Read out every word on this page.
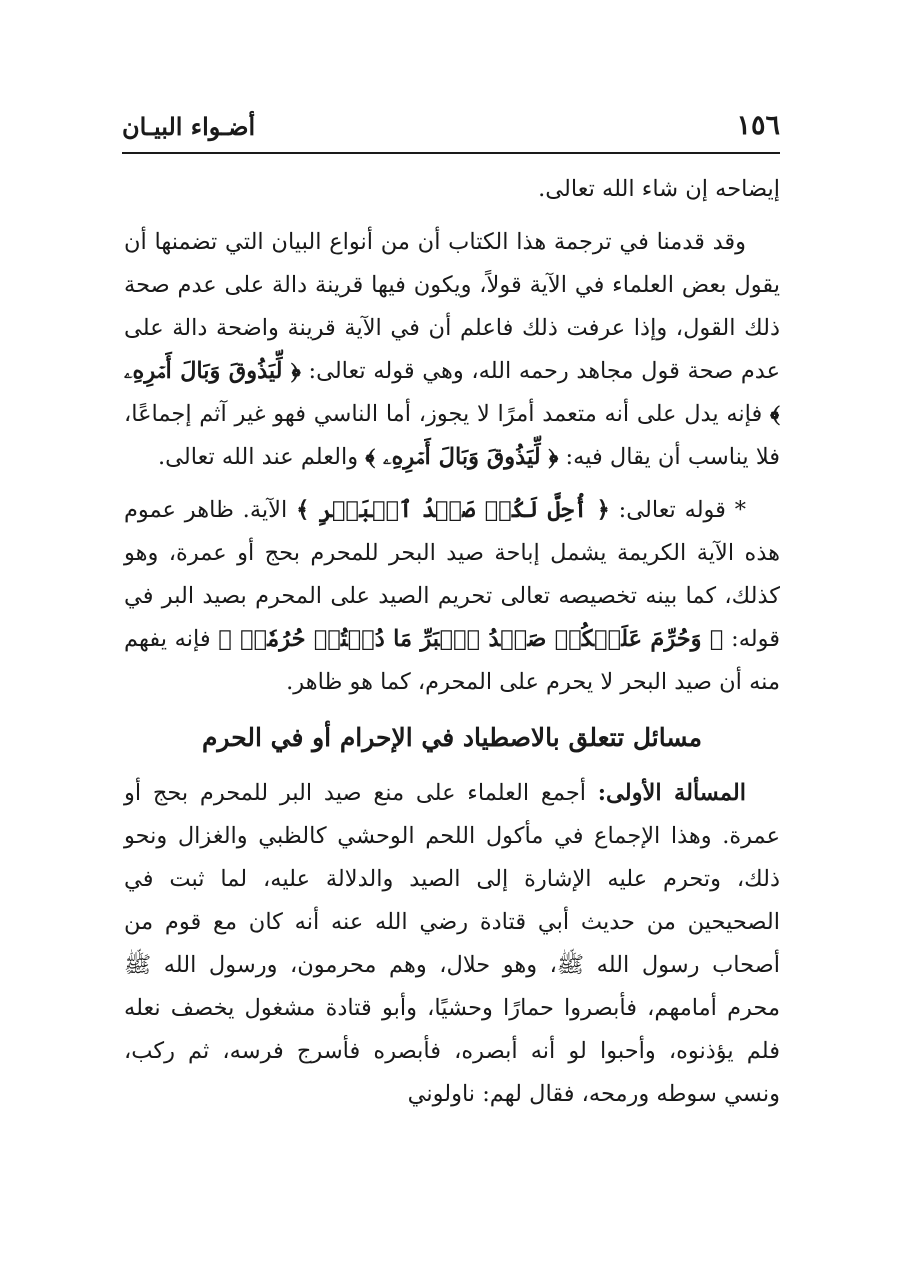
١٥٦
أضـواء البيـان

إيضاحه إن شاء الله تعالى.

وقد قدمنا في ترجمة هذا الكتاب أن من أنواع البيان التي تضمنها أن يقول بعض العلماء في الآية قولاً، ويكون فيها قرينة دالة على عدم صحة ذلك القول، وإذا عرفت ذلك فاعلم أن في الآية قرينة واضحة دالة على عدم صحة قول مجاهد رحمه الله، وهي قوله تعالى: ﴿ لِّيَذُوقَ وَبَالَ أَمۡرِهِۦ ﴾ فإنه يدل على أنه متعمد أمرًا لا يجوز، أما الناسي فهو غير آثم إجماعًا، فلا يناسب أن يقال فيه: ﴿ لِّيَذُوقَ وَبَالَ أَمۡرِهِۦ ﴾ والعلم عند الله تعالى.

* قوله تعالى: ﴿ أُحِلَّ لَكُمۡ صَيۡدُ ٱلۡبَحۡرِ ﴾ الآية. ظاهر عموم هذه الآية الكريمة يشمل إباحة صيد البحر للمحرم بحج أو عمرة، وهو كذلك، كما بينه تخصيصه تعالى تحريم الصيد على المحرم بصيد البر في قوله: ﴿ وَحُرِّمَ عَلَيۡكُمۡ صَيۡدُ ٱلۡبَرِّ مَا دُمۡتُمۡ حُرُمٗاۗ ﴾ فإنه يفهم منه أن صيد البحر لا يحرم على المحرم، كما هو ظاهر.

مسائل تتعلق بالاصطياد في الإحرام أو في الحرم

المسألة الأولى: أجمع العلماء على منع صيد البر للمحرم بحج أو عمرة. وهذا الإجماع في مأكول اللحم الوحشي كالظبي والغزال ونحو ذلك، وتحرم عليه الإشارة إلى الصيد والدلالة عليه، لما ثبت في الصحيحين من حديث أبي قتادة رضي الله عنه أنه كان مع قوم من أصحاب رسول الله ﷺ، وهو حلال، وهم محرمون، ورسول الله ﷺ محرم أمامهم، فأبصروا حمارًا وحشيًا، وأبو قتادة مشغول يخصف نعله فلم يؤذنوه، وأحبوا لو أنه أبصره، فأبصره فأسرج فرسه، ثم ركب، ونسي سوطه ورمحه، فقال لهم: ناولوني
